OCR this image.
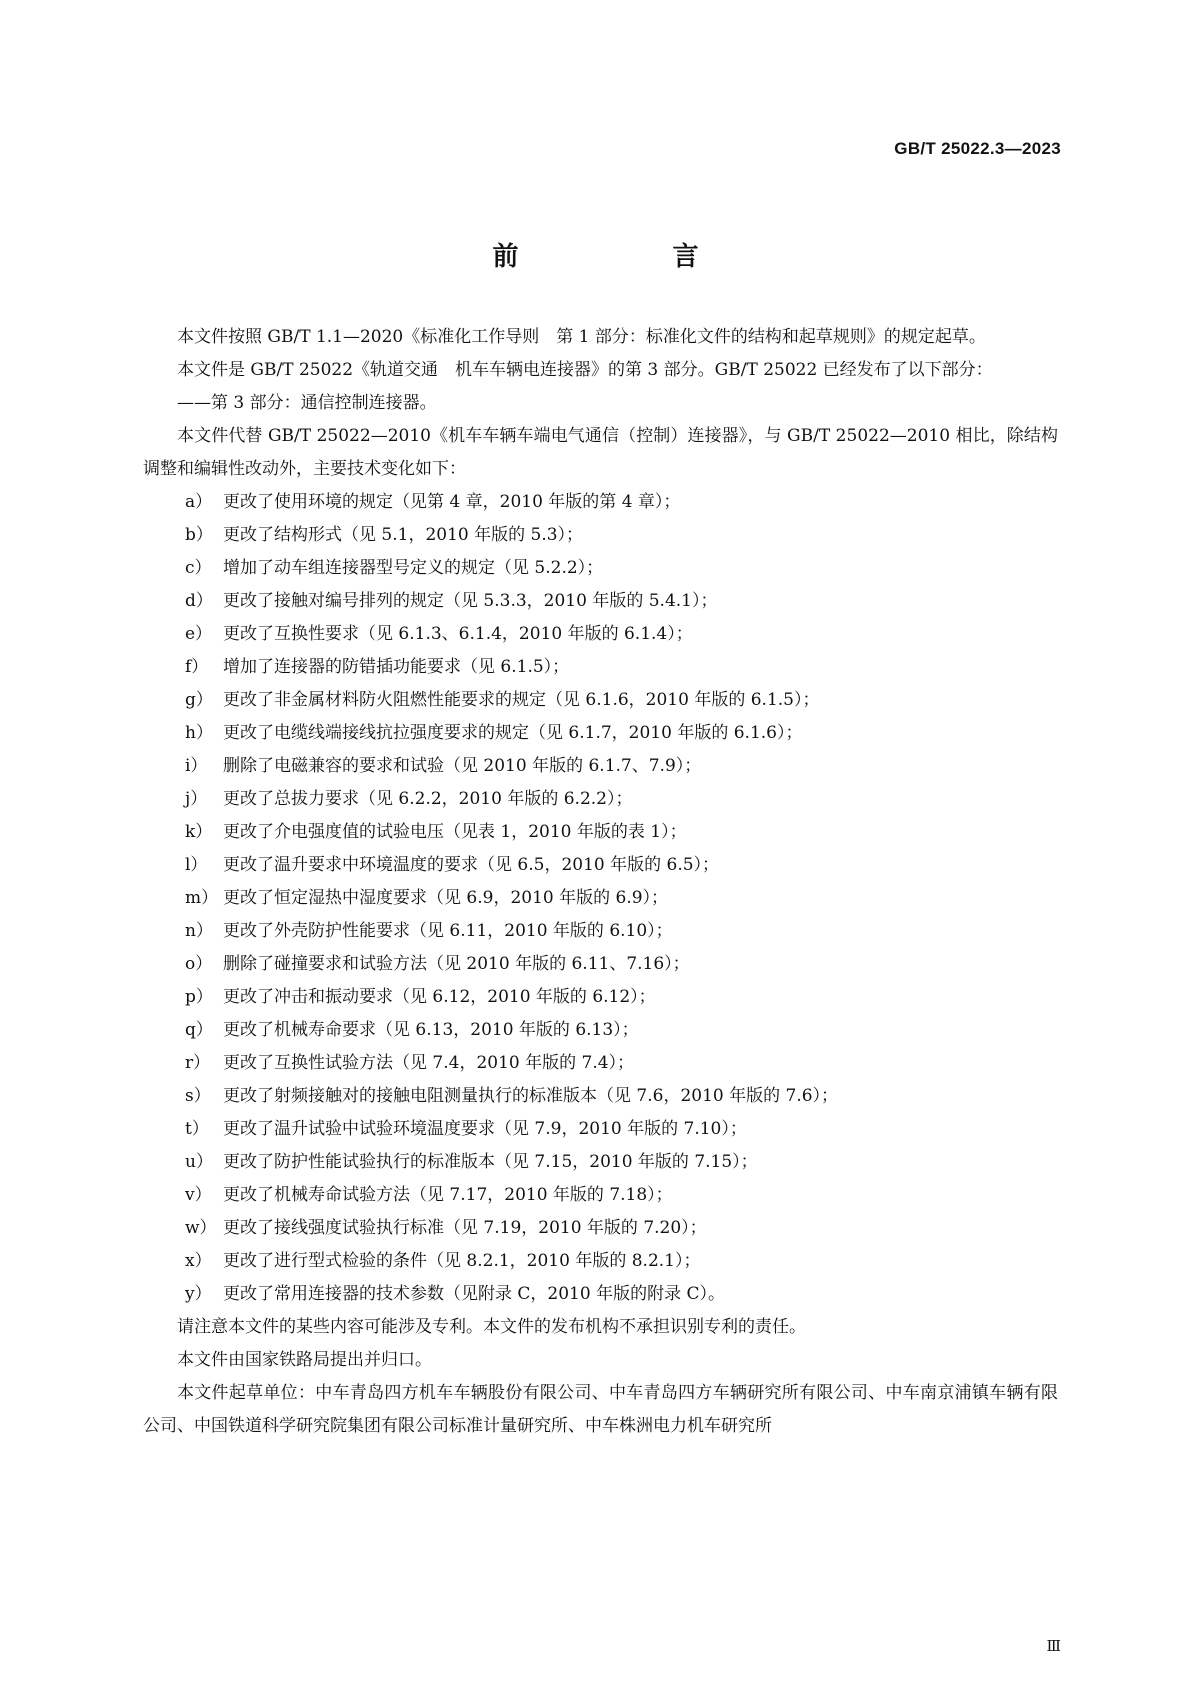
GB/T 25022.3—2023
前　言

本文件按照 GB/T 1.1—2020《标准化工作导则　第 1 部分：标准化文件的结构和起草规则》的规定起草。

本文件是 GB/T 25022《轨道交通　机车车辆电连接器》的第 3 部分。GB/T 25022 已经发布了以下部分：

——第 3 部分：通信控制连接器。

本文件代替 GB/T 25022—2010《机车车辆车端电气通信（控制）连接器》，与 GB/T 25022—2010 相比，除结构调整和编辑性改动外，主要技术变化如下：

a） 更改了使用环境的规定（见第 4 章，2010 年版的第 4 章）；
b） 更改了结构形式（见 5.1，2010 年版的 5.3）；
c） 增加了动车组连接器型号定义的规定（见 5.2.2）；
d） 更改了接触对编号排列的规定（见 5.3.3，2010 年版的 5.4.1）；
e） 更改了互换性要求（见 6.1.3、6.1.4，2010 年版的 6.1.4）；
f） 增加了连接器的防错插功能要求（见 6.1.5）；
g） 更改了非金属材料防火阻燃性能要求的规定（见 6.1.6，2010 年版的 6.1.5）；
h） 更改了电缆线端接线抗拉强度要求的规定（见 6.1.7，2010 年版的 6.1.6）；
i） 删除了电磁兼容的要求和试验（见 2010 年版的 6.1.7、7.9）；
j） 更改了总拔力要求（见 6.2.2，2010 年版的 6.2.2）；
k） 更改了介电强度值的试验电压（见表 1，2010 年版的表 1）；
l） 更改了温升要求中环境温度的要求（见 6.5，2010 年版的 6.5）；
m） 更改了恒定湿热中湿度要求（见 6.9，2010 年版的 6.9）；
n） 更改了外壳防护性能要求（见 6.11，2010 年版的 6.10）；
o） 删除了碰撞要求和试验方法（见 2010 年版的 6.11、7.16）；
p） 更改了冲击和振动要求（见 6.12，2010 年版的 6.12）；
q） 更改了机械寿命要求（见 6.13，2010 年版的 6.13）；
r） 更改了互换性试验方法（见 7.4，2010 年版的 7.4）；
s） 更改了射频接触对的接触电阻测量执行的标准版本（见 7.6，2010 年版的 7.6）；
t） 更改了温升试验中试验环境温度要求（见 7.9，2010 年版的 7.10）；
u） 更改了防护性能试验执行的标准版本（见 7.15，2010 年版的 7.15）；
v） 更改了机械寿命试验方法（见 7.17，2010 年版的 7.18）；
w） 更改了接线强度试验执行标准（见 7.19，2010 年版的 7.20）；
x） 更改了进行型式检验的条件（见 8.2.1，2010 年版的 8.2.1）；
y） 更改了常用连接器的技术参数（见附录 C，2010 年版的附录 C）。

请注意本文件的某些内容可能涉及专利。本文件的发布机构不承担识别专利的责任。

本文件由国家铁路局提出并归口。

本文件起草单位：中车青岛四方机车车辆股份有限公司、中车青岛四方车辆研究所有限公司、中车南京浦镇车辆有限公司、中国铁道科学研究院集团有限公司标准计量研究所、中车株洲电力机车研究所

Ⅲ
